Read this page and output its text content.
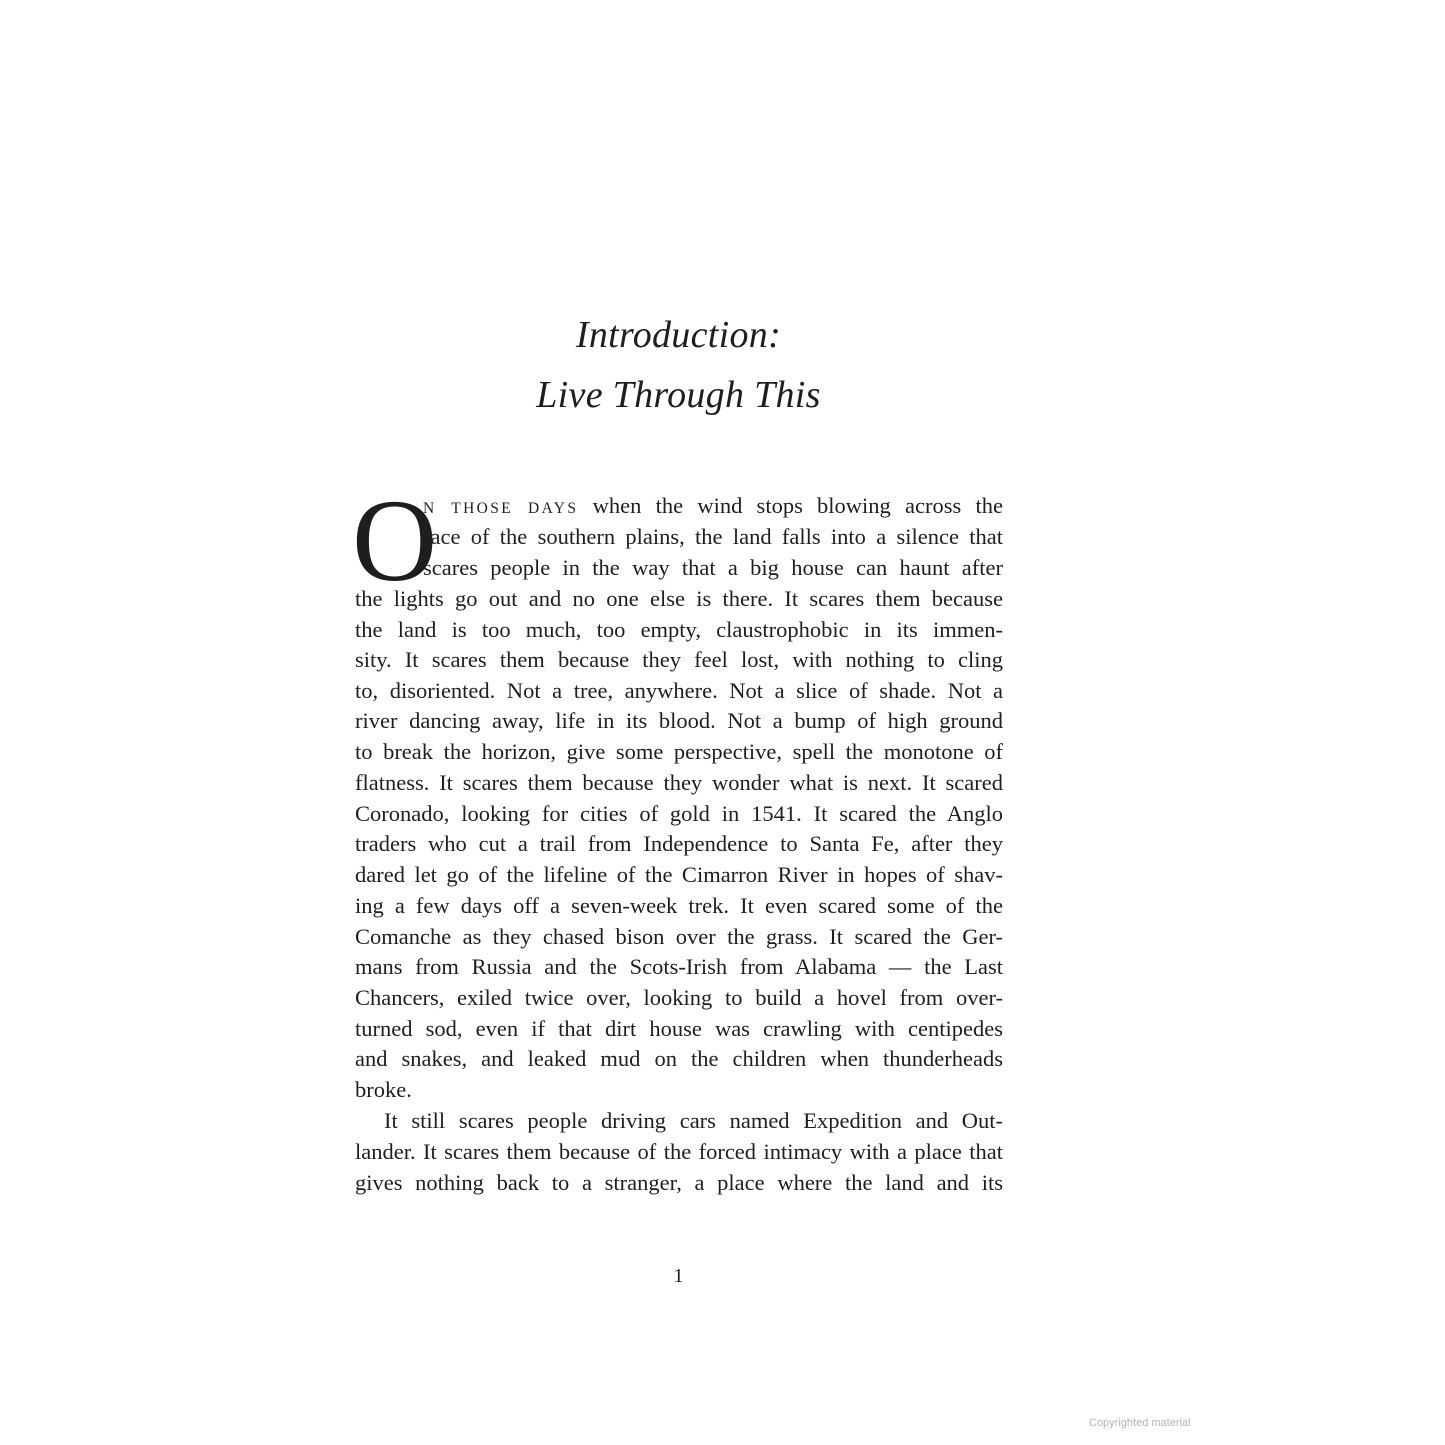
Introduction:
Live Through This
O
N THOSE DAYS when the wind stops blowing across the
face of the southern plains, the land falls into a silence that
scares people in the way that a big house can haunt after
the lights go out and no one else is there. It scares them because
the land is too much, too empty, claustrophobic in its immen-
sity. It scares them because they feel lost, with nothing to cling
to, disoriented. Not a tree, anywhere. Not a slice of shade. Not a
river dancing away, life in its blood. Not a bump of high ground
to break the horizon, give some perspective, spell the monotone of
flatness. It scares them because they wonder what is next. It scared
Coronado, looking for cities of gold in 1541. It scared the Anglo
traders who cut a trail from Independence to Santa Fe, after they
dared let go of the lifeline of the Cimarron River in hopes of shav-
ing a few days off a seven-week trek. It even scared some of the
Comanche as they chased bison over the grass. It scared the Ger-
mans from Russia and the Scots-Irish from Alabama — the Last
Chancers, exiled twice over, looking to build a hovel from over-
turned sod, even if that dirt house was crawling with centipedes
and snakes, and leaked mud on the children when thunderheads
broke.
It still scares people driving cars named Expedition and Out-
lander. It scares them because of the forced intimacy with a place that
gives nothing back to a stranger, a place where the land and its
1
Copyrighted material
